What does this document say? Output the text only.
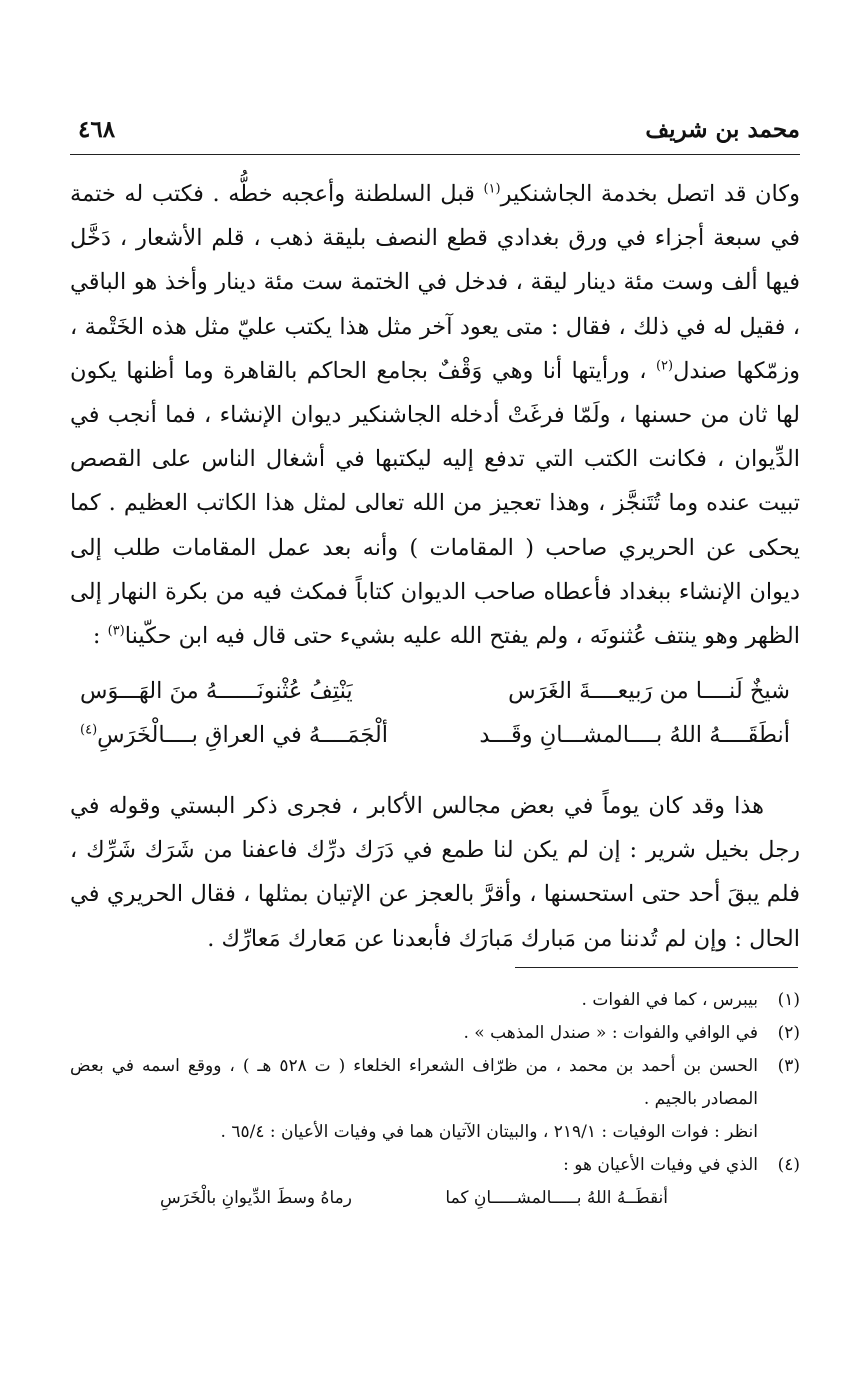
محمد بن شريف
٤٦٨

وكان قد اتصل بخدمة الجاشنكير$^{(١)}$ قبل السلطنة وأعجبه خطُّه . فكتب له ختمة في سبعة أجزاء في ورق بغدادي قطع النصف بليقة ذهب ، قلم الأشعار ، دَخَّل فيها ألف وست مئة دينار ليقة ، فدخل في الختمة ست مئة دينار وأخذ هو الباقي ، فقيل له في ذلك ، فقال : متى يعود آخر مثل هذا يكتب عليّ مثل هذه الخَتْمة ، وزمّكها صندل$^{(٢)}$ ، ورأيتها أنا وهي وَقْفٌ بجامع الحاكم بالقاهرة وما أظنها يكون لها ثان من حسنها ، ولَمّا فرغَتْ أدخله الجاشنكير ديوان الإنشاء ، فما أنجب في الدِّيوان ، فكانت الكتب التي تدفع إليه ليكتبها في أشغال الناس على القصص تبيت عنده وما تُتَنجَّز ، وهذا تعجيز من الله تعالى لمثل هذا الكاتب العظيم . كما يحكى عن الحريري صاحب ( المقامات ) وأنه بعد عمل المقامات طلب إلى ديوان الإنشاء ببغداد فأعطاه صاحب الديوان كتاباً فمكث فيه من بكرة النهار إلى الظهر وهو ينتف عُثنونَه ، ولم يفتح الله عليه بشيء حتى قال فيه ابن حكّينا$^{(٣)}$ :

شيخٌ لَنــــا من رَبيعــــةَ الغَرَس
يَنْتِفُ عُثْنونَــــــهُ منَ الهَـــوَس
أنطَقَــــهُ اللهُ بــــالمشـــانِ وقَـــد
ألْجَمَــــهُ في العراقِ بــــالْخَرَسِ$^{(٤)}$

هذا وقد كان يوماً في بعض مجالس الأكابر ، فجرى ذكر البستي وقوله في رجل بخيل شرير : إن لم يكن لنا طمع في دَرَك درِّك فاعفنا من شَرَك شَرِّك ، فلم يبقَ أحد حتى استحسنها ، وأقرَّ بالعجز عن الإتيان بمثلها ، فقال الحريري في الحال : وإن لم تُدننا من مَبارك مَبارَك فأبعدنا عن مَعارك مَعارِّك .

(١)
بيبرس ، كما في الفوات .
(٢)
في الوافي والفوات : « صندل المذهب » .
(٣)
الحسن بن أحمد بن محمد ، من ظرّاف الشعراء الخلعاء ( ت ٥٢٨ هـ ) ، ووقع اسمه في بعض المصادر بالجيم .
انظر : فوات الوفيات : ٢١٩/١ ، والبيتان الآتيان هما في وفيات الأعيان : ٦٥/٤ .
(٤)
الذي في وفيات الأعيان هو :
أنقطَــهُ اللهُ بـــــالمشـــــانِ كما
رماهُ وسطَ الدِّيوانِ بالْخَرَسِ
